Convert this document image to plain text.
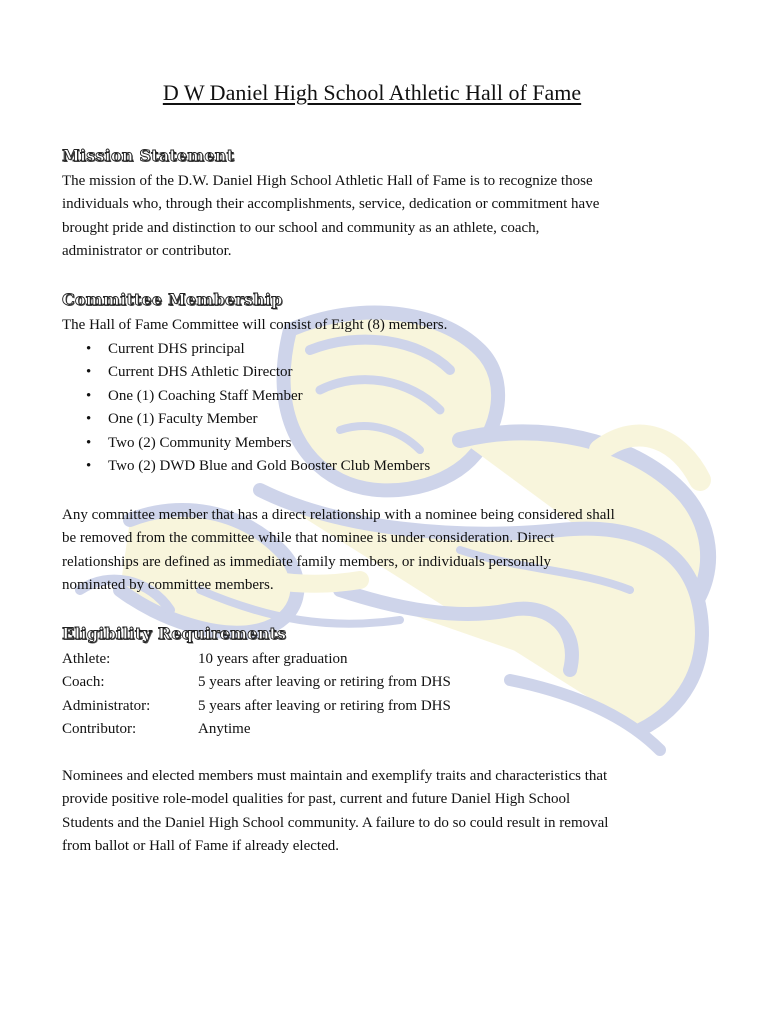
D W Daniel High School Athletic Hall of Fame
Mission Statement
The mission of the D.W. Daniel High School Athletic Hall of Fame is to recognize those
individuals who, through their accomplishments, service, dedication or commitment have
brought pride and distinction to our school and community as an athlete, coach,
administrator or contributor.
Committee Membership
The Hall of Fame Committee will consist of Eight (8) members.
• Current DHS principal
• Current DHS Athletic Director
• One (1) Coaching Staff Member
• One (1) Faculty Member
• Two (2) Community Members
• Two (2) DWD Blue and Gold Booster Club Members
Any committee member that has a direct relationship with a nominee being considered shall
be removed from the committee while that nominee is under consideration. Direct
relationships are defined as immediate family members, or individuals personally
nominated by committee members.
Eligibility Requirements
Athlete:	10 years after graduation
Coach:	5 years after leaving or retiring from DHS
Administrator:	5 years after leaving or retiring from DHS
Contributor:	Anytime
Nominees and elected members must maintain and exemplify traits and characteristics that
provide positive role-model qualities for past, current and future Daniel High School
Students and the Daniel High School community. A failure to do so could result in removal
from ballot or Hall of Fame if already elected.
